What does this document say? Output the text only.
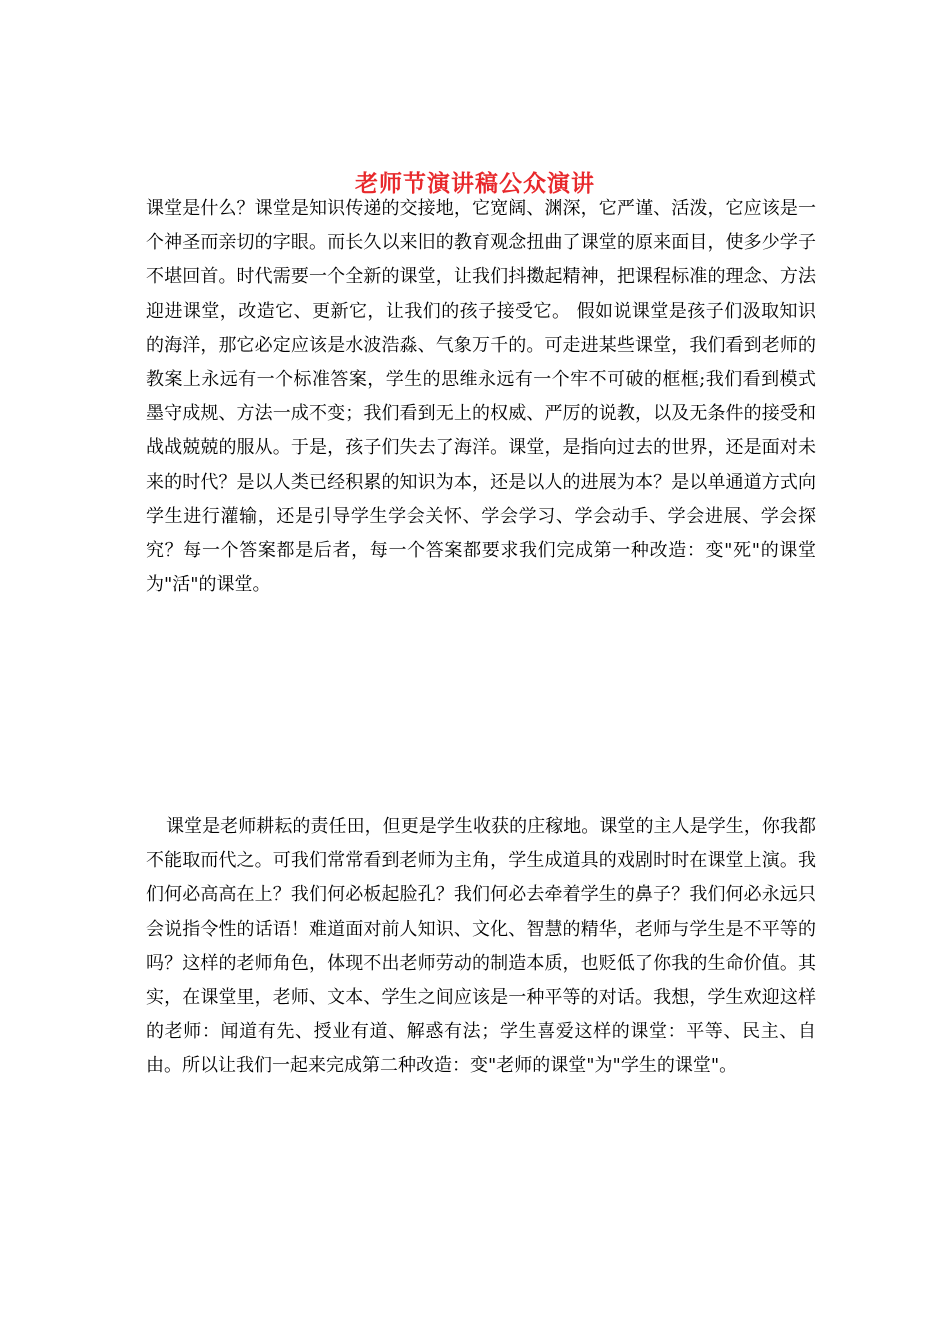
老师节演讲稿公众演讲

课堂是什么？课堂是知识传递的交接地，它宽阔、渊深，它严谨、活泼，它应该是一个神圣而亲切的字眼。而长久以来旧的教育观念扭曲了课堂的原来面目，使多少学子不堪回首。时代需要一个全新的课堂，让我们抖擞起精神，把课程标准的理念、方法迎进课堂，改造它、更新它，让我们的孩子接受它。 假如说课堂是孩子们汲取知识的海洋，那它必定应该是水波浩淼、气象万千的。可走进某些课堂，我们看到老师的教案上永远有一个标准答案，学生的思维永远有一个牢不可破的框框;我们看到模式墨守成规、方法一成不变；我们看到无上的权威、严厉的说教，以及无条件的接受和战战兢兢的服从。于是，孩子们失去了海洋。课堂，是指向过去的世界，还是面对未来的时代？是以人类已经积累的知识为本，还是以人的进展为本？是以单通道方式向学生进行灌输，还是引导学生学会关怀、学会学习、学会动手、学会进展、学会探究？每一个答案都是后者，每一个答案都要求我们完成第一种改造：变"死"的课堂为"活"的课堂。

课堂是老师耕耘的责任田，但更是学生收获的庄稼地。课堂的主人是学生，你我都不能取而代之。可我们常常看到老师为主角，学生成道具的戏剧时时在课堂上演。我们何必高高在上？我们何必板起脸孔？我们何必去牵着学生的鼻子？我们何必永远只会说指令性的话语！难道面对前人知识、文化、智慧的精华，老师与学生是不平等的吗？这样的老师角色，体现不出老师劳动的制造本质，也贬低了你我的生命价值。其实，在课堂里，老师、文本、学生之间应该是一种平等的对话。我想，学生欢迎这样的老师：闻道有先、授业有道、解惑有法；学生喜爱这样的课堂：平等、民主、自由。所以让我们一起来完成第二种改造：变"老师的课堂"为"学生的课堂"。
